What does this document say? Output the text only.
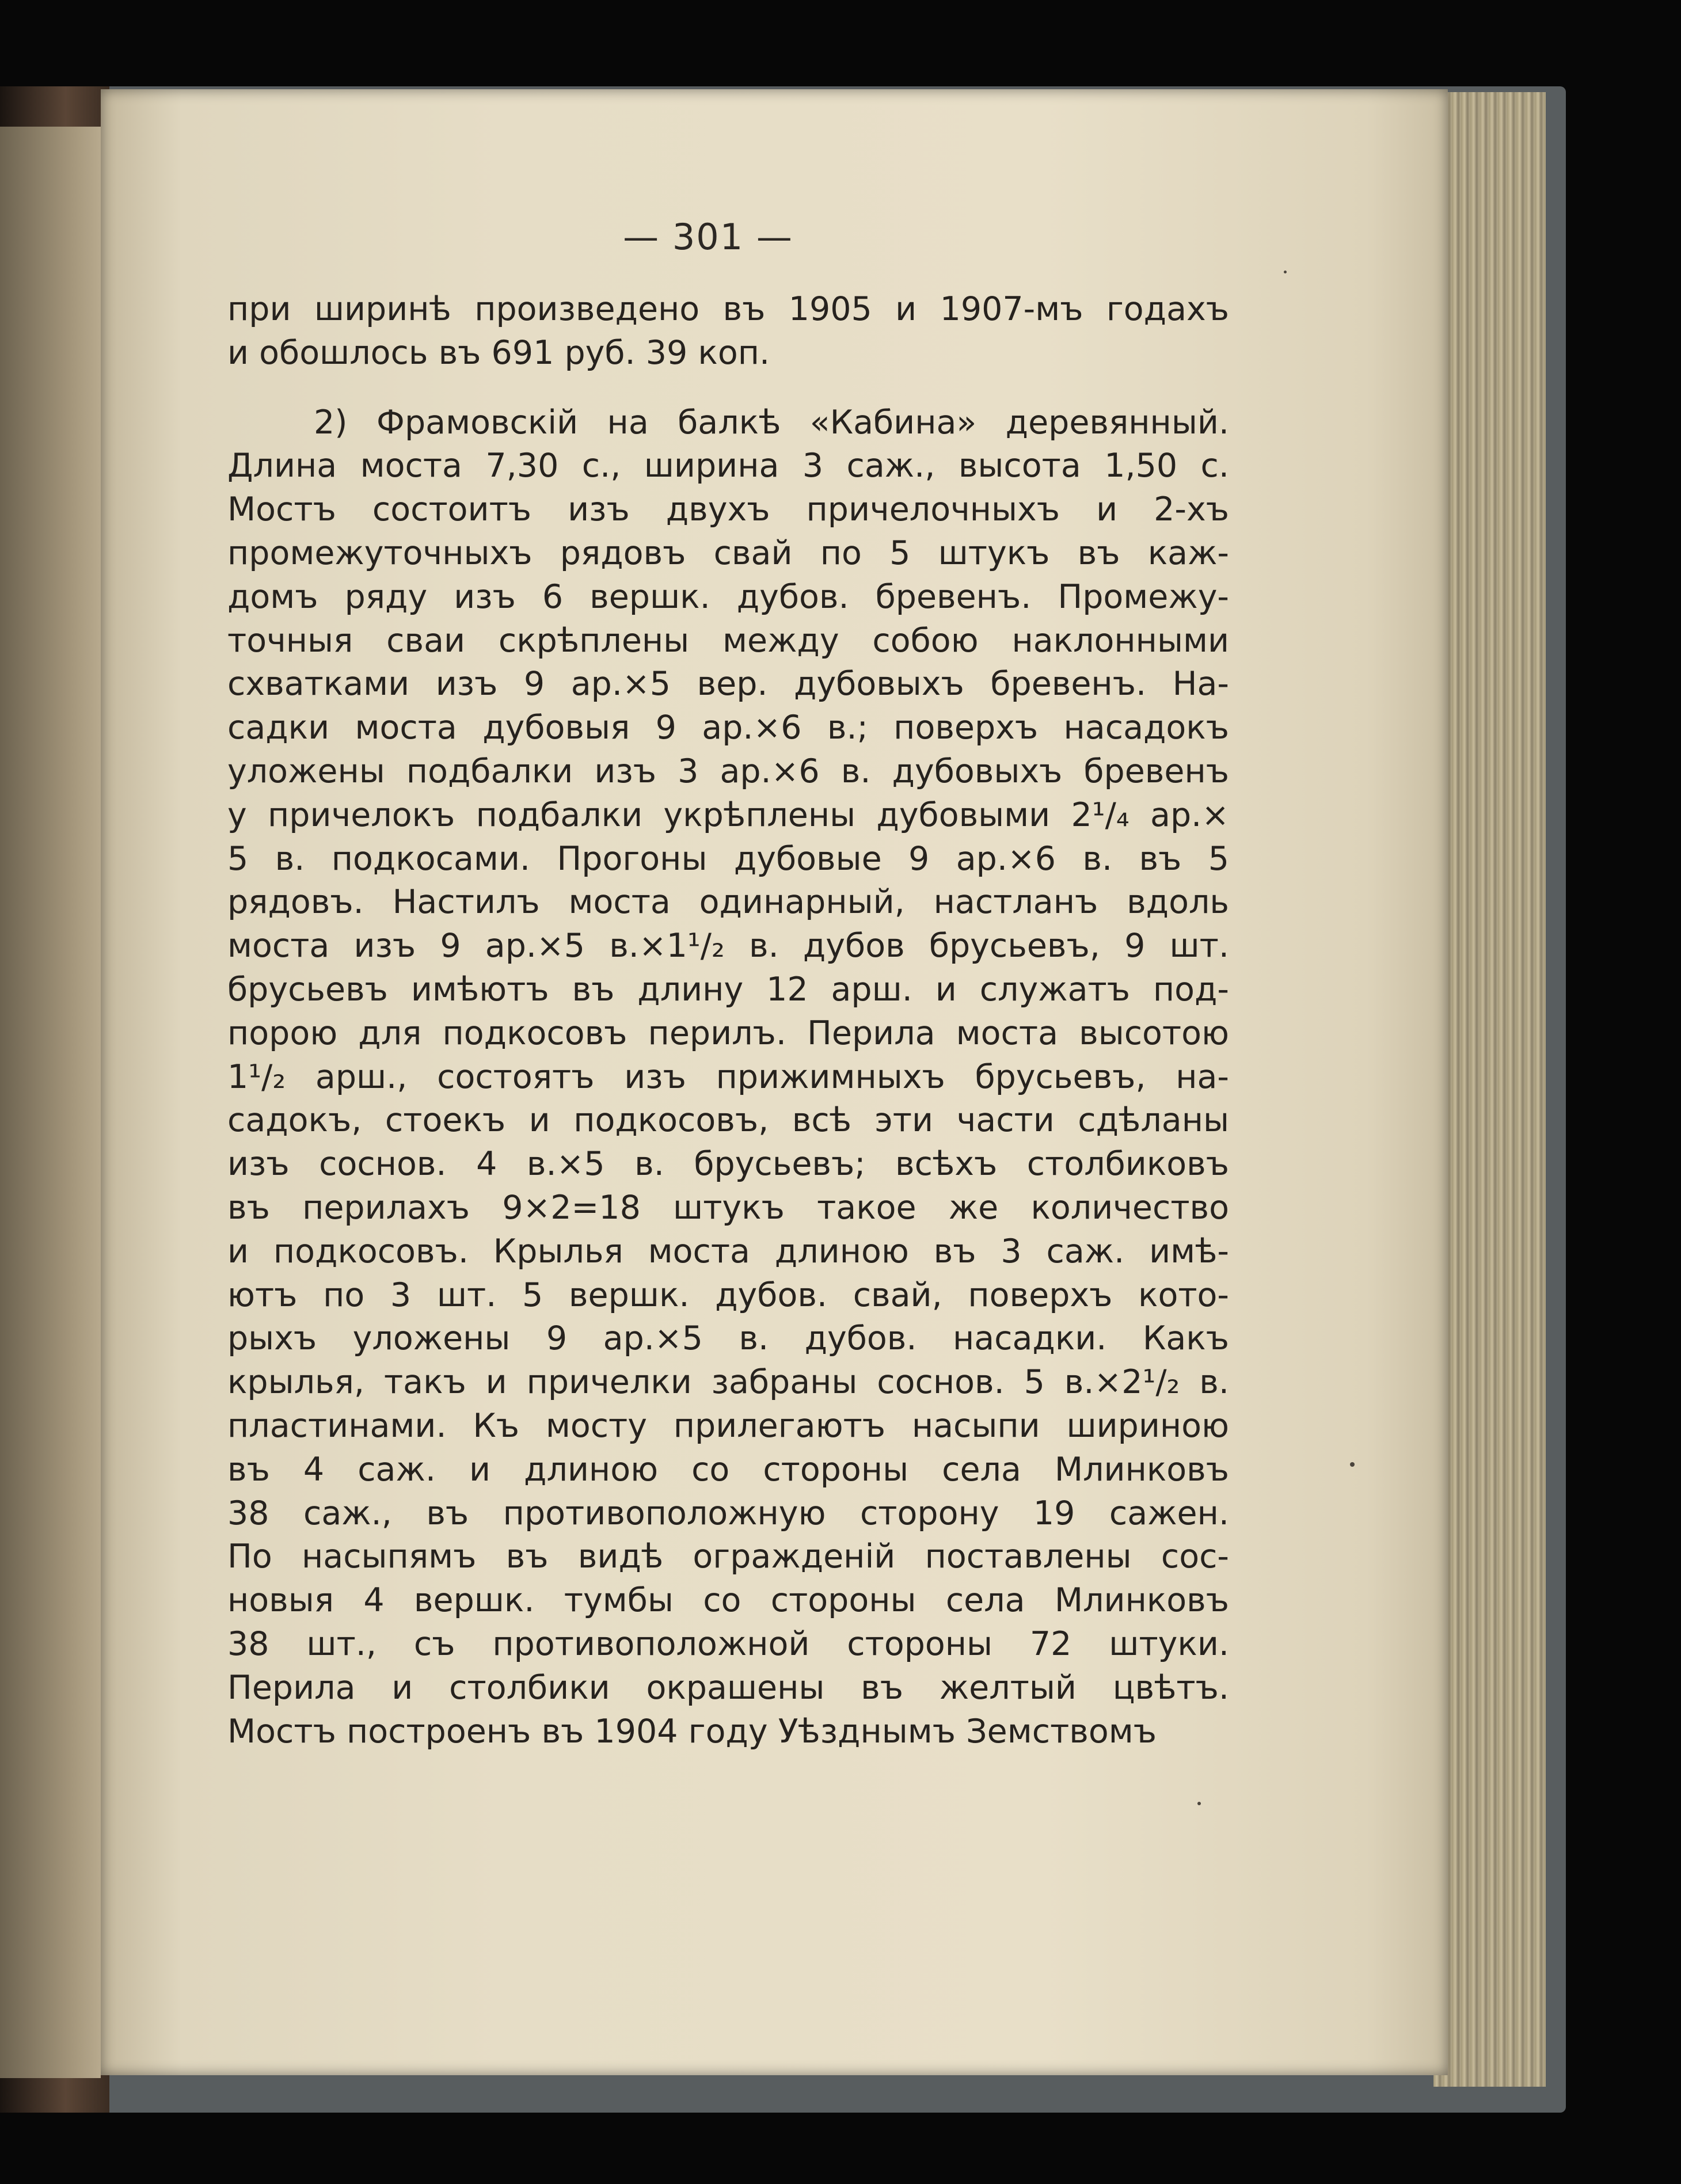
— 301 —
при ширинѣ произведено въ 1905 и 1907-мъ годахъ
и обошлось въ 691 руб. 39 коп.
2) Фрамовскій на балкѣ «Кабина» деревянный.
Длина моста 7,30 с., ширина 3 саж., высота 1,50 с.
Мостъ состоитъ изъ двухъ причелочныхъ и 2-хъ
промежуточныхъ рядовъ свай по 5 штукъ въ каж-
домъ ряду изъ 6 вершк. дубов. бревенъ. Промежу-
точныя сваи скрѣплены между собою наклонными
схватками изъ 9 ар.×5 вер. дубовыхъ бревенъ. На-
садки моста дубовыя 9 ар.×6 в.; поверхъ насадокъ
уложены подбалки изъ 3 ар.×6 в. дубовыхъ бревенъ
у причелокъ подбалки укрѣплены дубовыми 2¹/₄ ар.×
5 в. подкосами. Прогоны дубовые 9 ар.×6 в. въ 5
рядовъ. Настилъ моста одинарный, настланъ вдоль
моста изъ 9 ар.×5 в.×1¹/₂ в. дубов брусьевъ, 9 шт.
брусьевъ имѣютъ въ длину 12 арш. и служатъ под-
порою для подкосовъ перилъ. Перила моста высотою
1¹/₂ арш., состоятъ изъ прижимныхъ брусьевъ, на-
садокъ, стоекъ и подкосовъ, всѣ эти части сдѣланы
изъ соснов. 4 в.×5 в. брусьевъ; всѣхъ столбиковъ
въ перилахъ 9×2=18 штукъ такое же количество
и подкосовъ. Крылья моста длиною въ 3 саж. имѣ-
ютъ по 3 шт. 5 вершк. дубов. свай, поверхъ кото-
рыхъ уложены 9 ар.×5 в. дубов. насадки. Какъ
крылья, такъ и причелки забраны соснов. 5 в.×2¹/₂ в.
пластинами. Къ мосту прилегаютъ насыпи шириною
въ 4 саж. и длиною со стороны села Млинковъ
38 саж., въ противоположную сторону 19 сажен.
По насыпямъ въ видѣ огражденій поставлены сос-
новыя 4 вершк. тумбы со стороны села Млинковъ
38 шт., съ противоположной стороны 72 штуки.
Перила и столбики окрашены въ желтый цвѣтъ.
Мостъ построенъ въ 1904 году Уѣзднымъ Земствомъ
